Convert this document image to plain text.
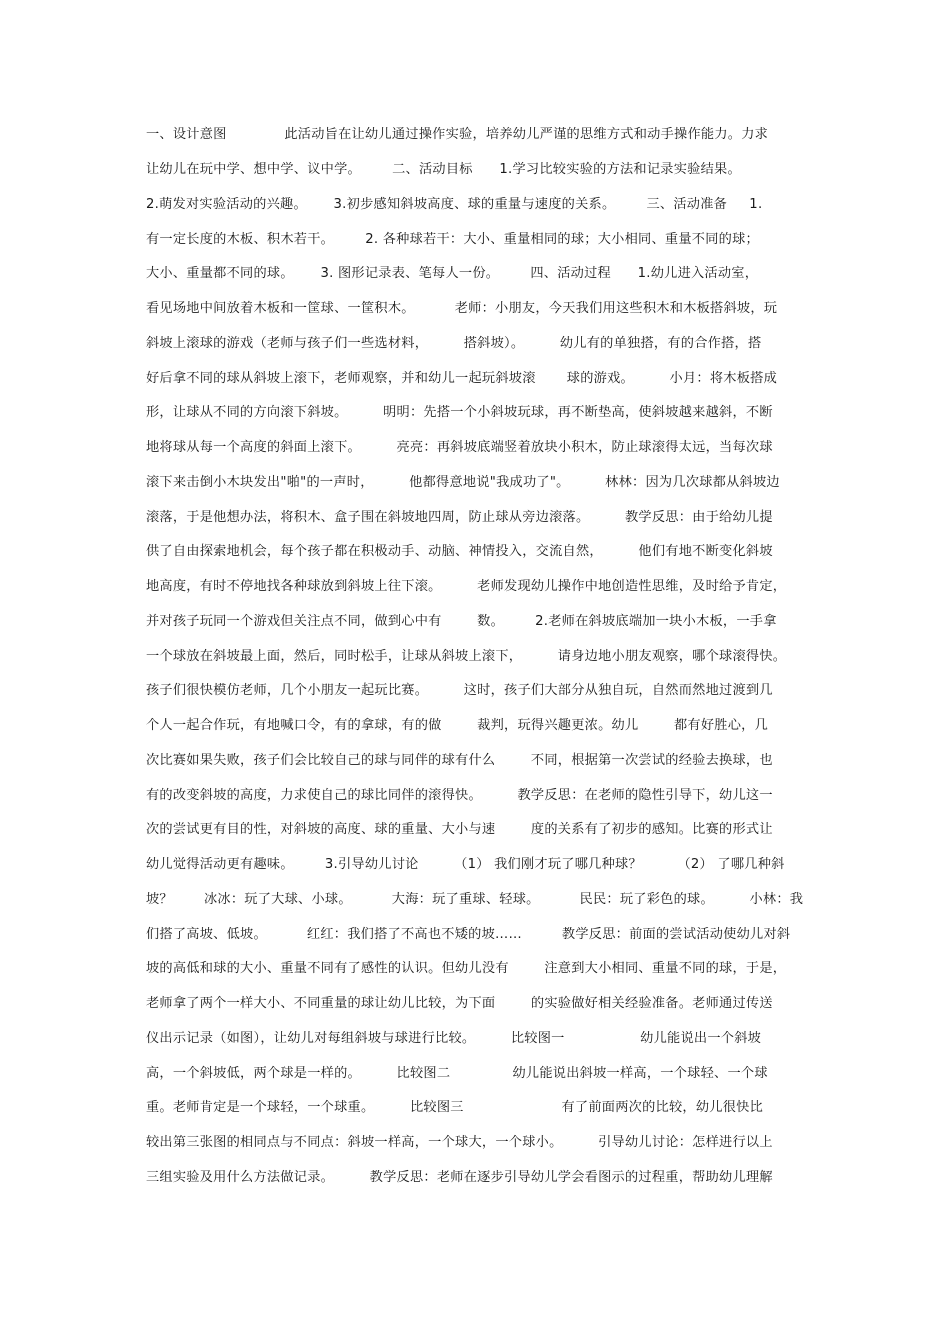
一、设计意图             此活动旨在让幼儿通过操作实验，培养幼儿严谨的思维方式和动手操作能力。力求
让幼儿在玩中学、想中学、议中学。       二、活动目标      1.学习比较实验的方法和记录实验结果。
2.萌发对实验活动的兴趣。      3.初步感知斜坡高度、球的重量与速度的关系。       三、活动准备     1.
有一定长度的木板、积木若干。       2. 各种球若干：大小、重量相同的球；大小相同、重量不同的球；
大小、重量都不同的球。      3. 图形记录表、笔每人一份。       四、活动过程      1.幼儿进入活动室，
看见场地中间放着木板和一筐球、一筐积木。         老师：小朋友，今天我们用这些积木和木板搭斜坡，玩
斜坡上滚球的游戏（老师与孩子们一些选材料，        搭斜坡）。        幼儿有的单独搭，有的合作搭，搭
好后拿不同的球从斜坡上滚下，老师观察，并和幼儿一起玩斜坡滚       球的游戏。        小月：将木板搭成
形，让球从不同的方向滚下斜坡。        明明：先搭一个小斜坡玩球，再不断垫高，使斜坡越来越斜，不断
地将球从每一个高度的斜面上滚下。        亮亮：再斜坡底端竖着放块小积木，防止球滚得太远，当每次球
滚下来击倒小木块发出"啪"的一声时，        他都得意地说"我成功了"。        林林：因为几次球都从斜坡边
滚落，于是他想办法，将积木、盒子围在斜坡地四周，防止球从旁边滚落。        教学反思：由于给幼儿提
供了自由探索地机会，每个孩子都在积极动手、动脑、神情投入，交流自然，        他们有地不断变化斜坡
地高度，有时不停地找各种球放到斜坡上往下滚。        老师发现幼儿操作中地创造性思维，及时给予肯定，
并对孩子玩同一个游戏但关注点不同，做到心中有        数。       2.老师在斜坡底端加一块小木板，一手拿
一个球放在斜坡最上面，然后，同时松手，让球从斜坡上滚下，        请身边地小朋友观察，哪个球滚得快。
孩子们很快模仿老师，几个小朋友一起玩比赛。        这时，孩子们大部分从独自玩，自然而然地过渡到几
个人一起合作玩，有地喊口令，有的拿球，有的做        裁判，玩得兴趣更浓。幼儿        都有好胜心，几
次比赛如果失败，孩子们会比较自己的球与同伴的球有什么        不同，根据第一次尝试的经验去换球，也
有的改变斜坡的高度，力求使自己的球比同伴的滚得快。        教学反思：在老师的隐性引导下，幼儿这一
次的尝试更有目的性，对斜坡的高度、球的重量、大小与速        度的关系有了初步的感知。比赛的形式让
幼儿觉得活动更有趣味。       3.引导幼儿讨论        （1） 我们刚才玩了哪几种球？        （2） 了哪几种斜
坡？       冰冰：玩了大球、小球。         大海：玩了重球、轻球。         民民：玩了彩色的球。        小林：我
们搭了高坡、低坡。         红红：我们搭了不高也不矮的坡……         教学反思：前面的尝试活动使幼儿对斜
坡的高低和球的大小、重量不同有了感性的认识。但幼儿没有        注意到大小相同、重量不同的球，于是，
老师拿了两个一样大小、不同重量的球让幼儿比较，为下面        的实验做好相关经验准备。老师通过传送
仪出示记录（如图），让幼儿对每组斜坡与球进行比较。        比较图一                 幼儿能说出一个斜坡
高，一个斜坡低，两个球是一样的。        比较图二              幼儿能说出斜坡一样高，一个球轻、一个球
重。老师肯定是一个球轻，一个球重。        比较图三                      有了前面两次的比较，幼儿很快比
较出第三张图的相同点与不同点：斜坡一样高，一个球大，一个球小。        引导幼儿讨论：怎样进行以上
三组实验及用什么方法做记录。        教学反思：老师在逐步引导幼儿学会看图示的过程重，帮助幼儿理解
